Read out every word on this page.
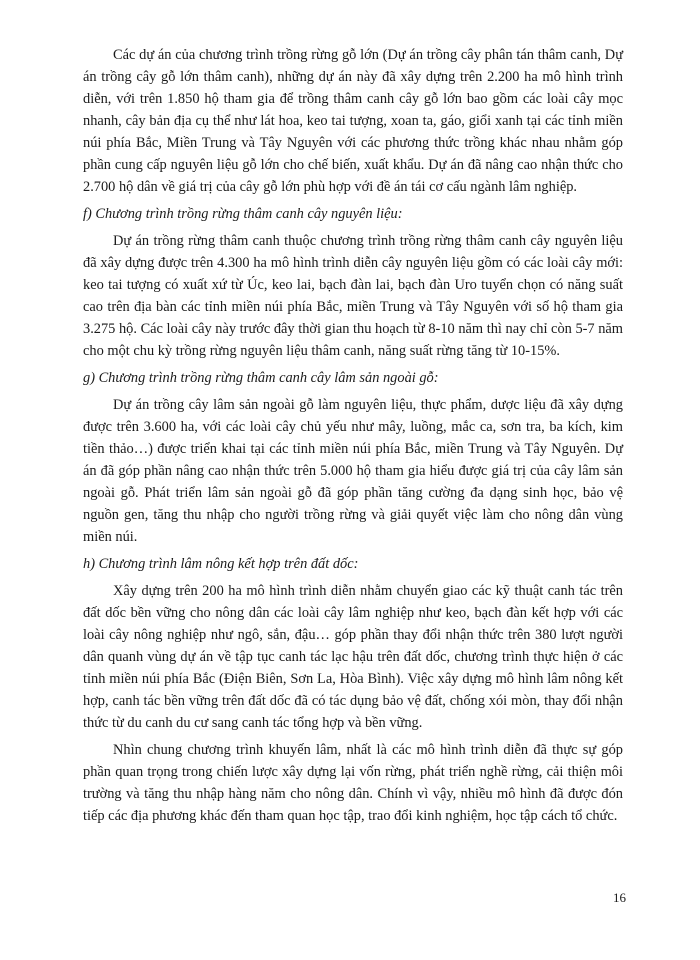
Các dự án của chương trình trồng rừng gỗ lớn (Dự án trồng cây phân tán thâm canh, Dự án trồng cây gỗ lớn thâm canh), những dự án này đã xây dựng trên 2.200 ha mô hình trình diễn, với trên 1.850 hộ tham gia để trồng thâm canh cây gỗ lớn bao gồm các loài cây mọc nhanh, cây bản địa cụ thể như lát hoa, keo tai tượng, xoan ta, gáo, giổi xanh tại các tỉnh miền núi phía Bắc, Miền Trung và Tây Nguyên với các phương thức trồng khác nhau nhằm góp phần cung cấp nguyên liệu gỗ lớn cho chế biến, xuất khẩu. Dự án đã nâng cao nhận thức cho 2.700 hộ dân về giá trị của cây gỗ lớn phù hợp với đề án tái cơ cấu ngành lâm nghiệp.

f) Chương trình trồng rừng thâm canh cây nguyên liệu:

Dự án trồng rừng thâm canh thuộc chương trình trồng rừng thâm canh cây nguyên liệu đã xây dựng được trên 4.300 ha mô hình trình diễn cây nguyên liệu gồm có các loài cây mới: keo tai tượng có xuất xứ từ Úc, keo lai, bạch đàn lai, bạch đàn Uro tuyển chọn có năng suất cao trên địa bàn các tỉnh miền núi phía Bắc, miền Trung và Tây Nguyên với số hộ tham gia 3.275 hộ. Các loài cây này trước đây thời gian thu hoạch từ 8-10 năm thì nay chỉ còn 5-7 năm cho một chu kỳ trồng rừng nguyên liệu thâm canh, năng suất rừng tăng từ 10-15%.

g) Chương trình trồng rừng thâm canh cây lâm sản ngoài gỗ:

Dự án trồng cây lâm sản ngoài gỗ làm nguyên liệu, thực phẩm, dược liệu đã xây dựng được trên 3.600 ha, với các loài cây chủ yếu như mây, luồng, mắc ca, sơn tra, ba kích, kim tiền thảo…) được triển khai tại các tỉnh miền núi phía Bắc, miền Trung và Tây Nguyên. Dự án đã góp phần nâng cao nhận thức trên 5.000 hộ tham gia hiểu được giá trị của cây lâm sản ngoài gỗ. Phát triển lâm sản ngoài gỗ đã góp phần tăng cường đa dạng sinh học, bảo vệ nguồn gen, tăng thu nhập cho người trồng rừng và giải quyết việc làm cho nông dân vùng miền núi.

h) Chương trình lâm nông kết hợp trên đất dốc:

Xây dựng trên 200 ha mô hình trình diễn nhằm chuyển giao các kỹ thuật canh tác trên đất dốc bền vững cho nông dân các loài cây lâm nghiệp như keo, bạch đàn kết hợp với các loài cây nông nghiệp như ngô, sắn, đậu… góp phần thay đổi nhận thức trên 380 lượt người dân quanh vùng dự án về tập tục canh tác lạc hậu trên đất dốc, chương trình thực hiện ở các tỉnh miền núi phía Bắc (Điện Biên, Sơn La, Hòa Bình). Việc xây dựng mô hình lâm nông kết hợp, canh tác bền vững trên đất dốc đã có tác dụng bảo vệ đất, chống xói mòn, thay đổi nhận thức từ du canh du cư sang canh tác tổng hợp và bền vững.

Nhìn chung chương trình khuyến lâm, nhất là các mô hình trình diễn đã thực sự góp phần quan trọng trong chiến lược xây dựng lại vốn rừng, phát triển nghề rừng, cải thiện môi trường và tăng thu nhập hàng năm cho nông dân. Chính vì vậy, nhiều mô hình đã được đón tiếp các địa phương khác đến tham quan học tập, trao đổi kinh nghiệm, học tập cách tổ chức.

16
